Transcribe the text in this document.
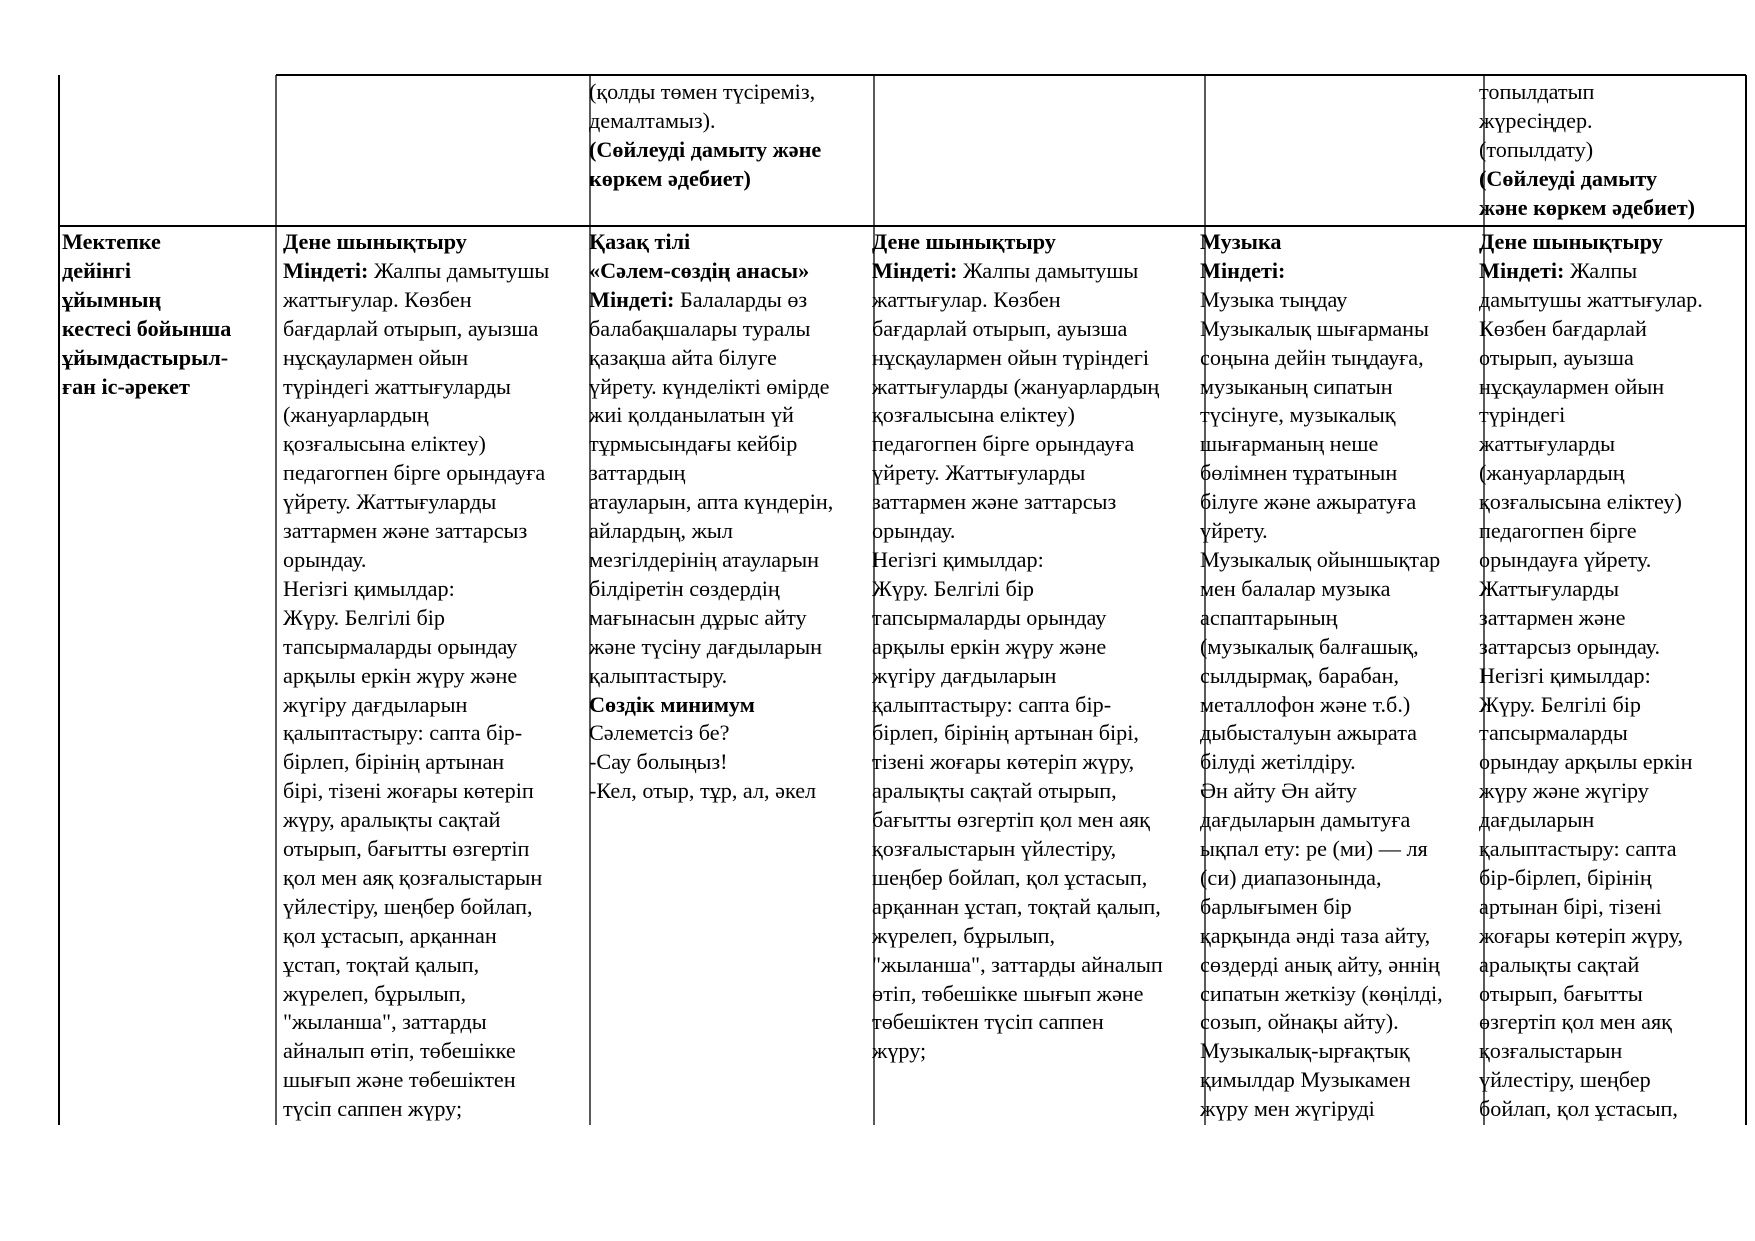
(қолды төмен түсіреміз,
демалтамыз).
(Сөйлеуді дамыту және
көркем әдебиет)
топылдатып
жүресіңдер.
(топылдату)
(Сөйлеуді дамыту
және көркем әдебиет)
Мектепке
дейінгі
ұйымның
кестесі бойынша
ұйымдастырыл-
ған іс-әрекет
Дене шынықтыру
Міндеті: Жалпы дамытушы
жаттығулар. Көзбен
бағдарлай отырып, ауызша
нұсқаулармен ойын
түріндегі жаттығуларды
(жануарлардың
қозғалысына еліктеу)
педагогпен бірге орындауға
үйрету. Жаттығуларды
заттармен және заттарсыз
орындау.
Негізгі қимылдар:
Жүру. Белгілі бір
тапсырмаларды орындау
арқылы еркін жүру және
жүгіру дағдыларын
қалыптастыру: сапта бір-
бірлеп, бірінің артынан
бірі, тізені жоғары көтеріп
жүру, аралықты сақтай
отырып, бағытты өзгертіп
қол мен аяқ қозғалыстарын
үйлестіру, шеңбер бойлап,
қол ұстасып, арқаннан
ұстап, тоқтай қалып,
жүрелеп, бұрылып,
"жыланша", заттарды
айналып өтіп, төбешікке
шығып және төбешіктен
түсіп саппен жүру;
Қазақ тілі
«Сәлем-сөздің анасы»
Міндеті: Балаларды өз
балабақшалары туралы
қазақша айта білуге
үйрету. күнделікті өмірде
жиі қолданылатын үй
тұрмысындағы кейбір
заттардың
атауларын, апта күндерін,
айлардың, жыл
мезгілдерінің атауларын
білдіретін сөздердің
мағынасын дұрыс айту
және түсіну дағдыларын
қалыптастыру.
Сөздік минимум
Сәлеметсіз бе?
-Сау болыңыз!
-Кел, отыр, тұр, ал, әкел
Дене шынықтыру
Міндеті: Жалпы дамытушы
жаттығулар. Көзбен
бағдарлай отырып, ауызша
нұсқаулармен ойын түріндегі
жаттығуларды (жануарлардың
қозғалысына еліктеу)
педагогпен бірге орындауға
үйрету. Жаттығуларды
заттармен және заттарсыз
орындау.
Негізгі қимылдар:
Жүру. Белгілі бір
тапсырмаларды орындау
арқылы еркін жүру және
жүгіру дағдыларын
қалыптастыру: сапта бір-
бірлеп, бірінің артынан бірі,
тізені жоғары көтеріп жүру,
аралықты сақтай отырып,
бағытты өзгертіп қол мен аяқ
қозғалыстарын үйлестіру,
шеңбер бойлап, қол ұстасып,
арқаннан ұстап, тоқтай қалып,
жүрелеп, бұрылып,
"жыланша", заттарды айналып
өтіп, төбешікке шығып және
төбешіктен түсіп саппен
жүру;
Музыка
Міндеті:
Музыка тыңдау
Музыкалық шығарманы
соңына дейін тыңдауға,
музыканың сипатын
түсінуге, музыкалық
шығарманың неше
бөлімнен тұратынын
білуге және ажыратуға
үйрету.
Музыкалық ойыншықтар
мен балалар музыка
аспаптарының
(музыкалық балғашық,
сылдырмақ, барабан,
металлофон және т.б.)
дыбысталуын ажырата
білуді жетілдіру.
Ән айту Ән айту
дағдыларын дамытуға
ықпал ету: ре (ми) — ля
(си) диапазонында,
барлығымен бір
қарқында әнді таза айту,
сөздерді анық айту, әннің
сипатын жеткізу (көңілді,
созып, ойнақы айту).
Музыкалық-ырғақтық
қимылдар Музыкамен
жүру мен жүгіруді
Дене шынықтыру
Міндеті: Жалпы
дамытушы жаттығулар.
Көзбен бағдарлай
отырып, ауызша
нұсқаулармен ойын
түріндегі
жаттығуларды
(жануарлардың
қозғалысына еліктеу)
педагогпен бірге
орындауға үйрету.
Жаттығуларды
заттармен және
заттарсыз орындау.
Негізгі қимылдар:
Жүру. Белгілі бір
тапсырмаларды
орындау арқылы еркін
жүру және жүгіру
дағдыларын
қалыптастыру: сапта
бір-бірлеп, бірінің
артынан бірі, тізені
жоғары көтеріп жүру,
аралықты сақтай
отырып, бағытты
өзгертіп қол мен аяқ
қозғалыстарын
үйлестіру, шеңбер
бойлап, қол ұстасып,
